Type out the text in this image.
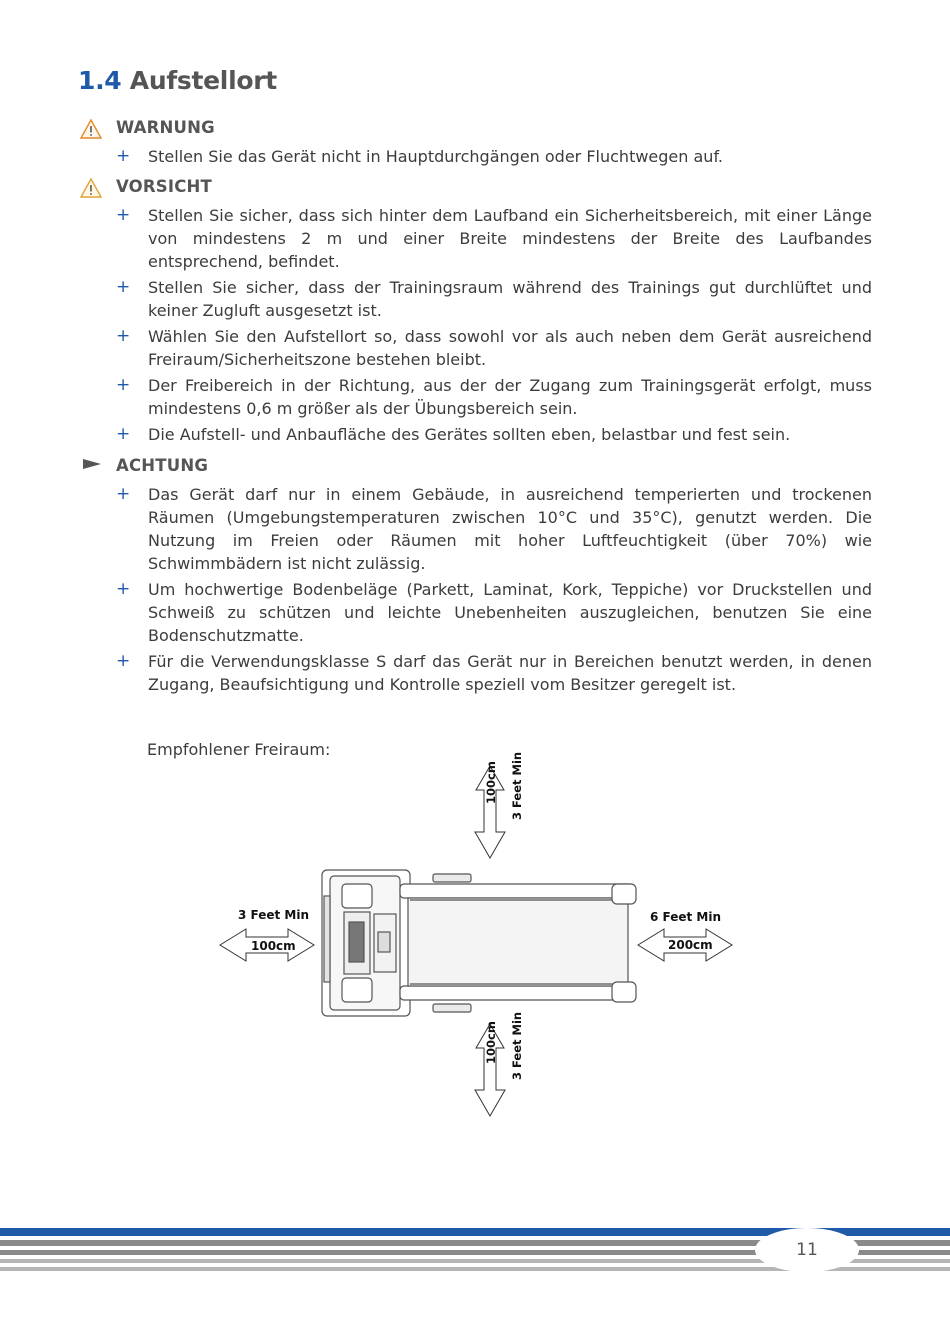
1.4 Aufstellort
WARNUNG
+ Stellen Sie das Gerät nicht in Hauptdurchgängen oder Fluchtwegen auf.
VORSICHT
+ Stellen Sie sicher, dass sich hinter dem Laufband ein Sicherheitsbereich, mit einer Länge von mindestens 2 m und einer Breite mindestens der Breite des Laufbandes entsprechend, befindet.
+ Stellen Sie sicher, dass der Trainingsraum während des Trainings gut durchlüftet und keiner Zugluft ausgesetzt ist.
+ Wählen Sie den Aufstellort so, dass sowohl vor als auch neben dem Gerät ausreichend Freiraum/Sicherheitszone bestehen bleibt.
+ Der Freibereich in der Richtung, aus der der Zugang zum Trainingsgerät erfolgt, muss mindestens 0,6 m größer als der Übungsbereich sein.
+ Die Aufstell- und Anbaufläche des Gerätes sollten eben, belastbar und fest sein.
ACHTUNG
+ Das Gerät darf nur in einem Gebäude, in ausreichend temperierten und trockenen Räumen (Umgebungstemperaturen zwischen 10°C und 35°C), genutzt werden. Die Nutzung im Freien oder Räumen mit hoher Luftfeuchtigkeit (über 70%) wie Schwimmbädern ist nicht zulässig.
+ Um hochwertige Bodenbeläge (Parkett, Laminat, Kork, Teppiche) vor Druckstellen und Schweiß zu schützen und leichte Unebenheiten auszugleichen, benutzen Sie eine Bodenschutzmatte.
+ Für die Verwendungsklasse S darf das Gerät nur in Bereichen benutzt werden, in denen Zugang, Beaufsichtigung und Kontrolle speziell vom Besitzer geregelt ist.
Empfohlener Freiraum:
3 Feet Min
100cm
6 Feet Min
200cm
100cm 3 Feet Min
100cm 3 Feet Min
11
